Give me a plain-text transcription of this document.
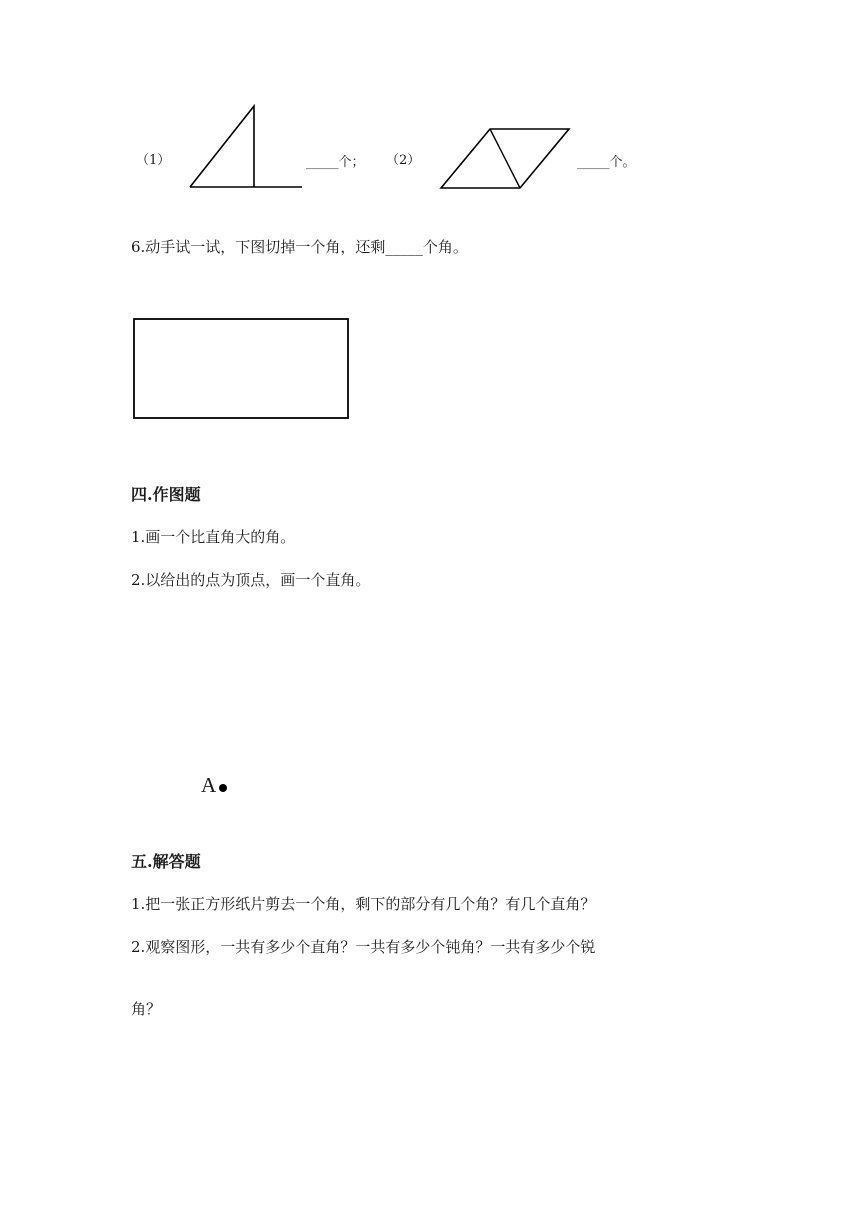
（1）	_____个； （2）	_____个。
6.动手试一试，下图切掉一个角，还剩_____个角。
四.作图题
1.画一个比直角大的角。
2.以给出的点为顶点，画一个直角。
A
五.解答题
1.把一张正方形纸片剪去一个角，剩下的部分有几个角？有几个直角？
2.观察图形，一共有多少个直角？一共有多少个钝角？一共有多少个锐
角？
